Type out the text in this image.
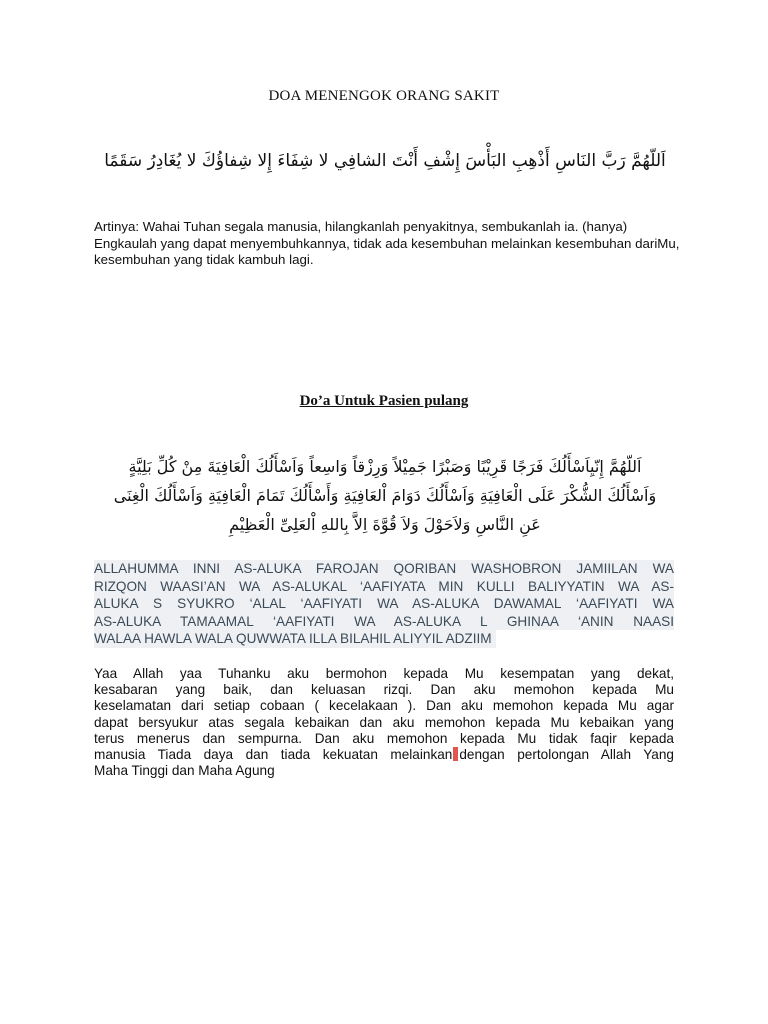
DOA MENENGOK ORANG SAKIT
اَللّهُمَّ رَبَّ النَاسِ أَذْهِبِ البَأْسَ إِشْفِ أَنْتَ الشافِي لا شِفَاءَ إِلا شِفاؤُكَ لا يُغَادِرُ سَقَمًا
Artinya: Wahai Tuhan segala manusia, hilangkanlah penyakitnya, sembukanlah ia. (hanya) Engkaulah yang dapat menyembuhkannya, tidak ada kesembuhan melainkan kesembuhan dariMu, kesembuhan yang tidak kambuh lagi.
Do’a Untuk Pasien pulang
اَللّهُمَّ إِنّيِاَسْأَلُكَ فَرَجًا قَرِيْبًا وَصَبْرًا جَمِيْلاً وَرِزْقاً وَاسِعاً وَاَسْأَلُكَ الْعَافِيَةَ مِنْ كُلِّ بَلِيَّةٍ
وَاَسْأَلُكَ الشُّكْرَ عَلَى الْعَافِيَةِ وَاَسْأَلُكَ دَوَامَ اْلعَافِيَةِ وَأَسْأَلُكَ تَمَامَ الْعَافِيَةِ وَاَسْأَلُكَ الْغِنَى
عَنِ النَّاسِ وَلاَحَوْلَ وَلاَ قُوَّةَ اِلاَّ بِاللهِ اْلعَلِىِّ الْعَظِيْمِ
ALLAHUMMA INNI AS-ALUKA FAROJAN QORIBAN WASHOBRON JAMIILAN WA
RIZQON WAASI’AN WA AS-ALUKAL ‘AAFIYATA MIN KULLI BALIYYATIN WA AS-
ALUKA S SYUKRO ‘ALAL ‘AAFIYATI WA AS-ALUKA DAWAMAL ‘AAFIYATI WA
AS-ALUKA TAMAAMAL ‘AAFIYATI WA AS-ALUKA L GHINAA ‘ANIN NAASI
WALAA HAWLA WALA QUWWATA ILLA BILAHIL ALIYYIL ADZIIM
Yaa Allah yaa Tuhanku aku bermohon kepada Mu kesempatan yang dekat,
kesabaran yang baik, dan keluasan rizqi. Dan aku memohon kepada Mu
keselamatan dari setiap cobaan ( kecelakaan ). Dan aku memohon kepada Mu agar
dapat bersyukur atas segala kebaikan dan aku memohon kepada Mu kebaikan yang
terus menerus dan sempurna. Dan aku memohon kepada Mu tidak faqir kepada
manusia Tiada daya dan tiada kekuatan melainkan dengan pertolongan Allah Yang
Maha Tinggi dan Maha Agung
